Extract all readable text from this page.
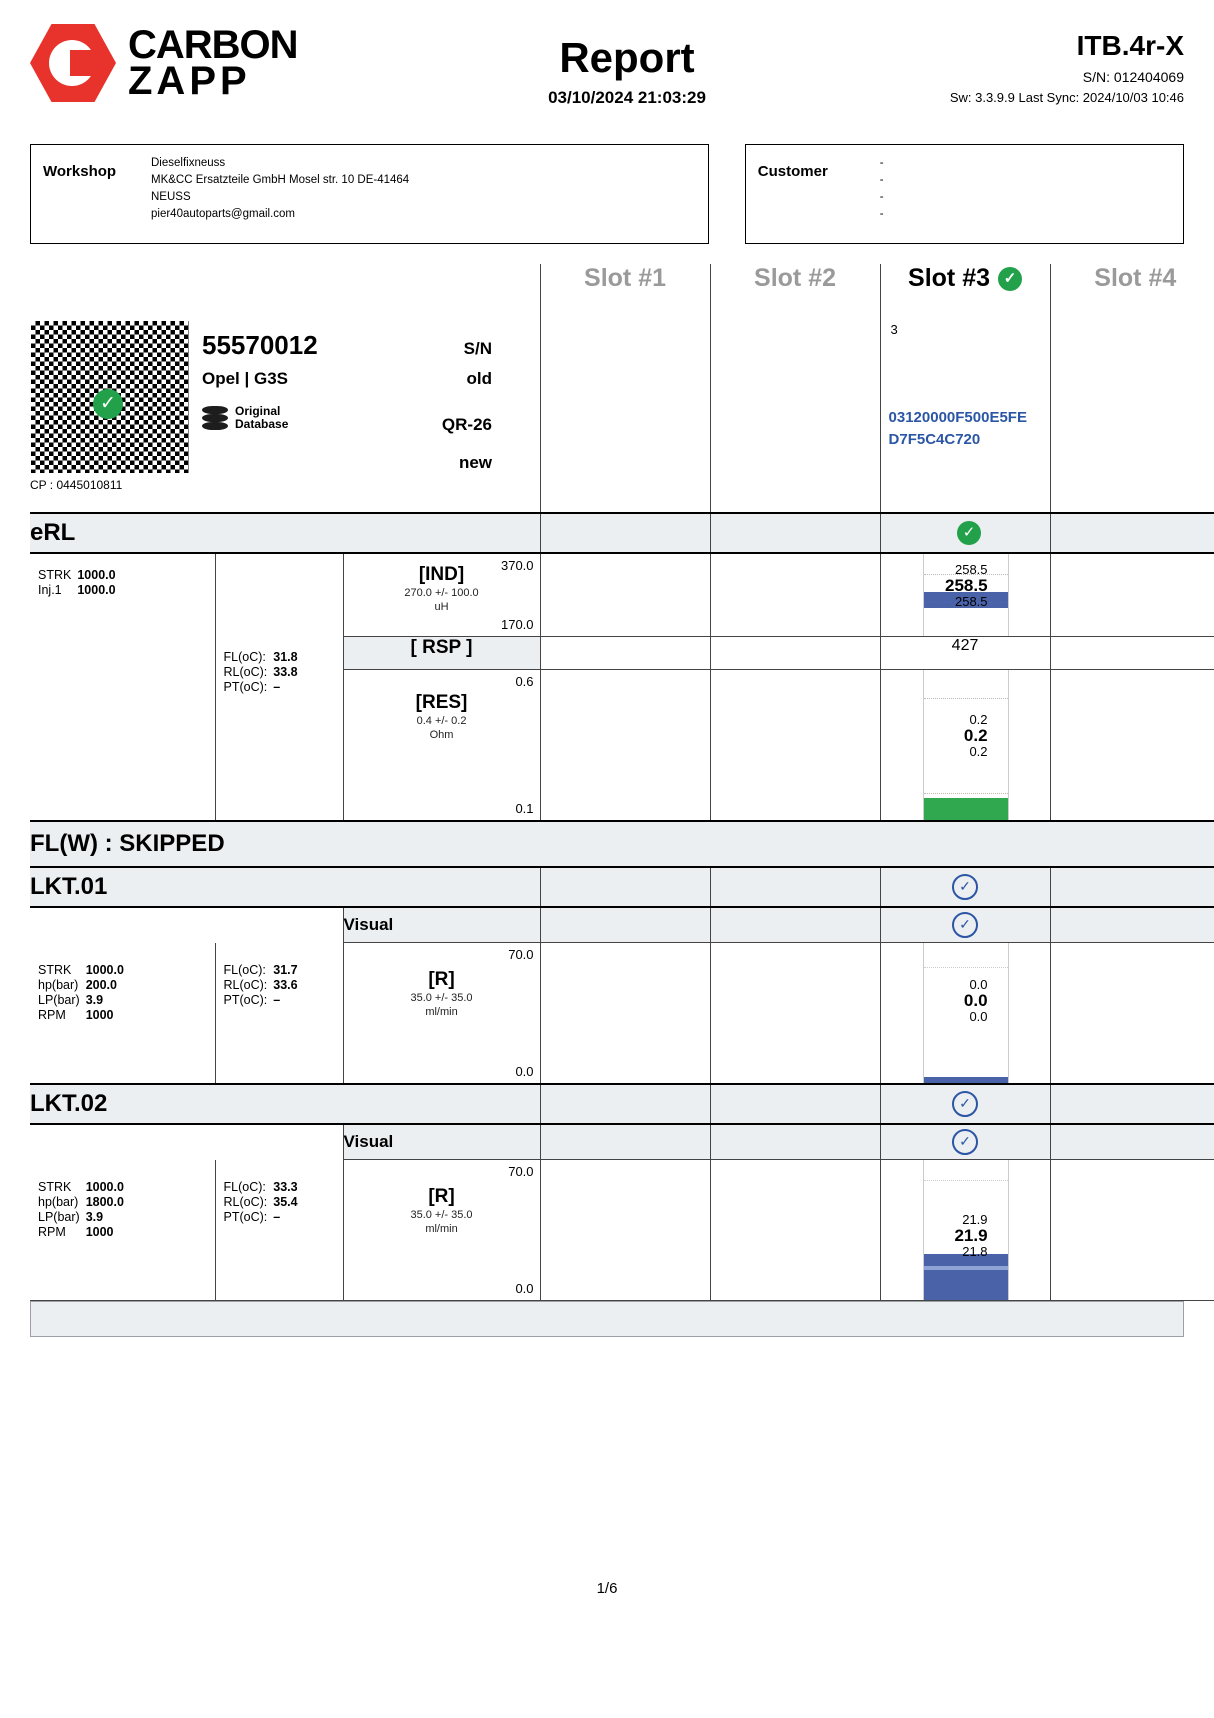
CARBON
ZAPP	Report
03/10/2024 21:03:29
ITB.4r-X
S/N: 012404069
Sw: 3.3.9.9 Last Sync: 2024/10/03 10:46
Workshop	Dieselfixneuss
MK&CC Ersatzteile GmbH Mosel str. 10 DE-41464
NEUSS
pier40autoparts@gmail.com
Customer	-
-
-
-
	Slot #1	Slot #2	Slot #3 ✓	Slot #4

✓
CP : 0445010811
55570012	S/N
Opel | G3S	old
Original
Database	QR-26
new

3
03120000F500E5FE
D7F5C4C720

eRL			✓	

STRK	1000.0
Inj.1	1000.0

FL(oC):	31.8
RL(oC):	33.8
PT(oC):	–

[IND]
270.0 +/- 100.0
uH
370.0
170.0

258.5
258.5
258.5

[ RSP ]			427	

[RES]
0.4 +/- 0.2
Ohm
0.6
0.1

0.2
0.2
0.2

FL(W) : SKIPPED
LKT.01			✓	
	Visual			✓	

STRK	1000.0
hp(bar)	200.0
LP(bar)	3.9
RPM	1000

FL(oC):	31.7
RL(oC):	33.6
PT(oC):	–

[R]
35.0 +/- 35.0
ml/min
70.0
0.0

0.0
0.0
0.0

LKT.02			✓	
	Visual			✓	

STRK	1000.0
hp(bar)	1800.0
LP(bar)	3.9
RPM	1000

FL(oC):	33.3
RL(oC):	35.4
PT(oC):	–

[R]
35.0 +/- 35.0
ml/min
70.0
0.0

21.9
21.9
21.8

1/6
